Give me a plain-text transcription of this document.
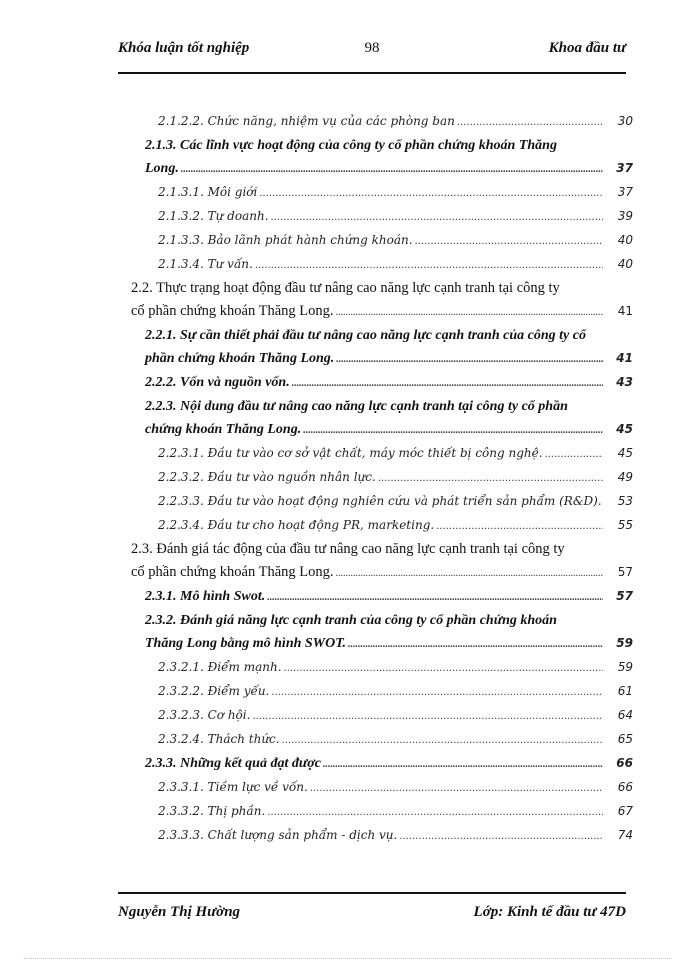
Khóa luận tốt nghiệp	98	Khoa đầu tư
2.1.2.2. Chức năng, nhiệm vụ của các phòng ban .....	30
2.1.3. Các lĩnh vực hoạt động của công ty cổ phần chứng khoán Thăng
Long. .....	37
2.1.3.1. Môi giới .....	37
2.1.3.2. Tự doanh. .....	39
2.1.3.3. Bảo lãnh phát hành chứng khoán. .....	40
2.1.3.4. Tư vấn. .....	40
2.2. Thực trạng hoạt động đầu tư nâng cao năng lực cạnh tranh tại công ty
cổ phần chứng khoán Thăng Long. .....	41
2.2.1. Sự cần thiết phải đầu tư nâng cao năng lực cạnh tranh của công ty cổ
phần chứng khoán Thăng Long. .....	41
2.2.2. Vốn và nguồn vốn. .....	43
2.2.3. Nội dung đầu tư nâng cao năng lực cạnh tranh tại công ty cổ phần
chứng khoán Thăng Long. .....	45
2.2.3.1. Đầu tư vào cơ sở vật chất, máy móc thiết bị công nghệ. .....	45
2.2.3.2. Đầu tư vào nguồn nhân lực. .....	49
2.2.3.3. Đầu tư vào hoạt động nghiên cứu và phát triển sản phẩm (R&D).	53
2.2.3.4. Đầu tư cho hoạt động PR, marketing. .....	55
2.3. Đánh giá tác động của đầu tư nâng cao năng lực cạnh tranh tại công ty
cổ phần chứng khoán Thăng Long. .....	57
2.3.1. Mô hình Swot. .....	57
2.3.2. Đánh giá năng lực cạnh tranh của công ty cổ phần chứng khoán
Thăng Long bằng mô hình SWOT. .....	59
2.3.2.1. Điểm mạnh. .....	59
2.3.2.2. Điểm yếu. .....	61
2.3.2.3. Cơ hội. .....	64
2.3.2.4. Thách thức. .....	65
2.3.3. Những kết quả đạt được .....	66
2.3.3.1. Tiềm lực về vốn. .....	66
2.3.3.2. Thị phần. .....	67
2.3.3.3. Chất lượng sản phẩm - dịch vụ. .....	74
Nguyễn Thị Hường	Lớp: Kinh tế đầu tư 47D
